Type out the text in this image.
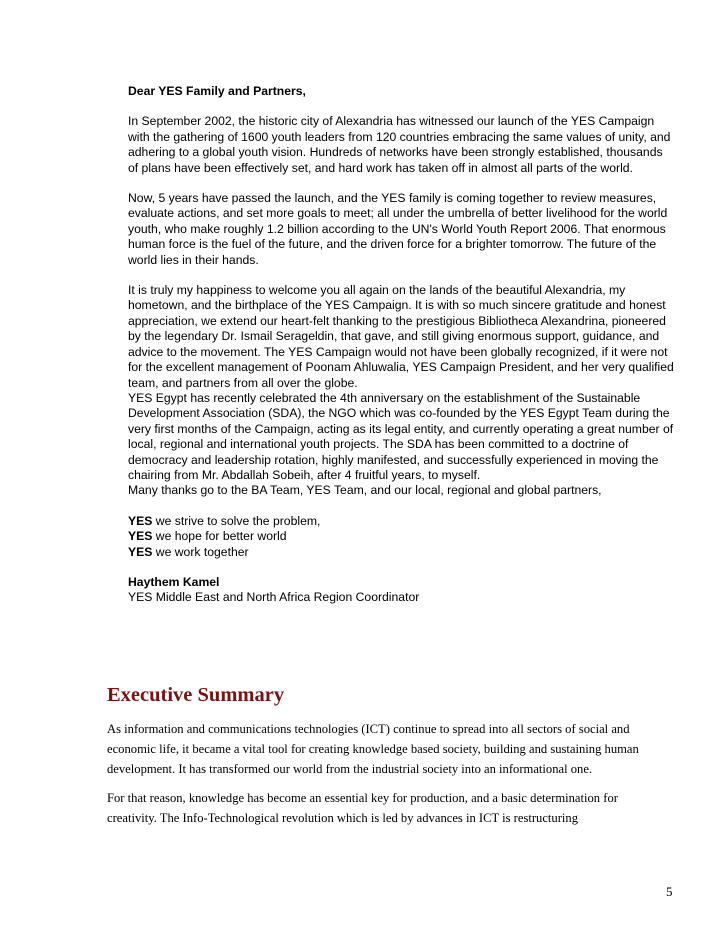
Dear YES Family and Partners,

In September 2002, the historic city of Alexandria has witnessed our launch of the YES Campaign with the gathering of 1600 youth leaders from 120 countries embracing the same values of unity, and adhering to a global youth vision. Hundreds of networks have been strongly established, thousands of plans have been effectively set, and hard work has taken off in almost all parts of the world.

Now, 5 years have passed the launch, and the YES family is coming together to review measures, evaluate actions, and set more goals to meet; all under the umbrella of better livelihood for the world youth, who make roughly 1.2 billion according to the UN's World Youth Report 2006. That enormous human force is the fuel of the future, and the driven force for a brighter tomorrow. The future of the world lies in their hands.

It is truly my happiness to welcome you all again on the lands of the beautiful Alexandria, my hometown, and the birthplace of the YES Campaign. It is with so much sincere gratitude and honest appreciation, we extend our heart-felt thanking to the prestigious Bibliotheca Alexandrina, pioneered by the legendary Dr. Ismail Serageldin, that gave, and still giving enormous support, guidance, and advice to the movement. The YES Campaign would not have been globally recognized, if it were not for the excellent management of Poonam Ahluwalia, YES Campaign President, and her very qualified team, and partners from all over the globe.

YES Egypt has recently celebrated the 4th anniversary on the establishment of the Sustainable Development Association (SDA), the NGO which was co-founded by the YES Egypt Team during the very first months of the Campaign, acting as its legal entity, and currently operating a great number of local, regional and international youth projects. The SDA has been committed to a doctrine of democracy and leadership rotation, highly manifested, and successfully experienced in moving the chairing from Mr. Abdallah Sobeih, after 4 fruitful years, to myself.

Many thanks go to the BA Team, YES Team, and our local, regional and global partners,

YES we strive to solve the problem,

YES we hope for better world

YES we work together

Haythem Kamel

YES Middle East and North Africa Region Coordinator

Executive Summary

As information and communications technologies (ICT) continue to spread into all sectors of social and economic life, it became a vital tool for creating knowledge based society, building and sustaining human development. It has transformed our world from the industrial society into an informational one.

For that reason, knowledge has become an essential key for production, and a basic determination for creativity. The Info-Technological revolution which is led by advances in ICT is restructuring

5
